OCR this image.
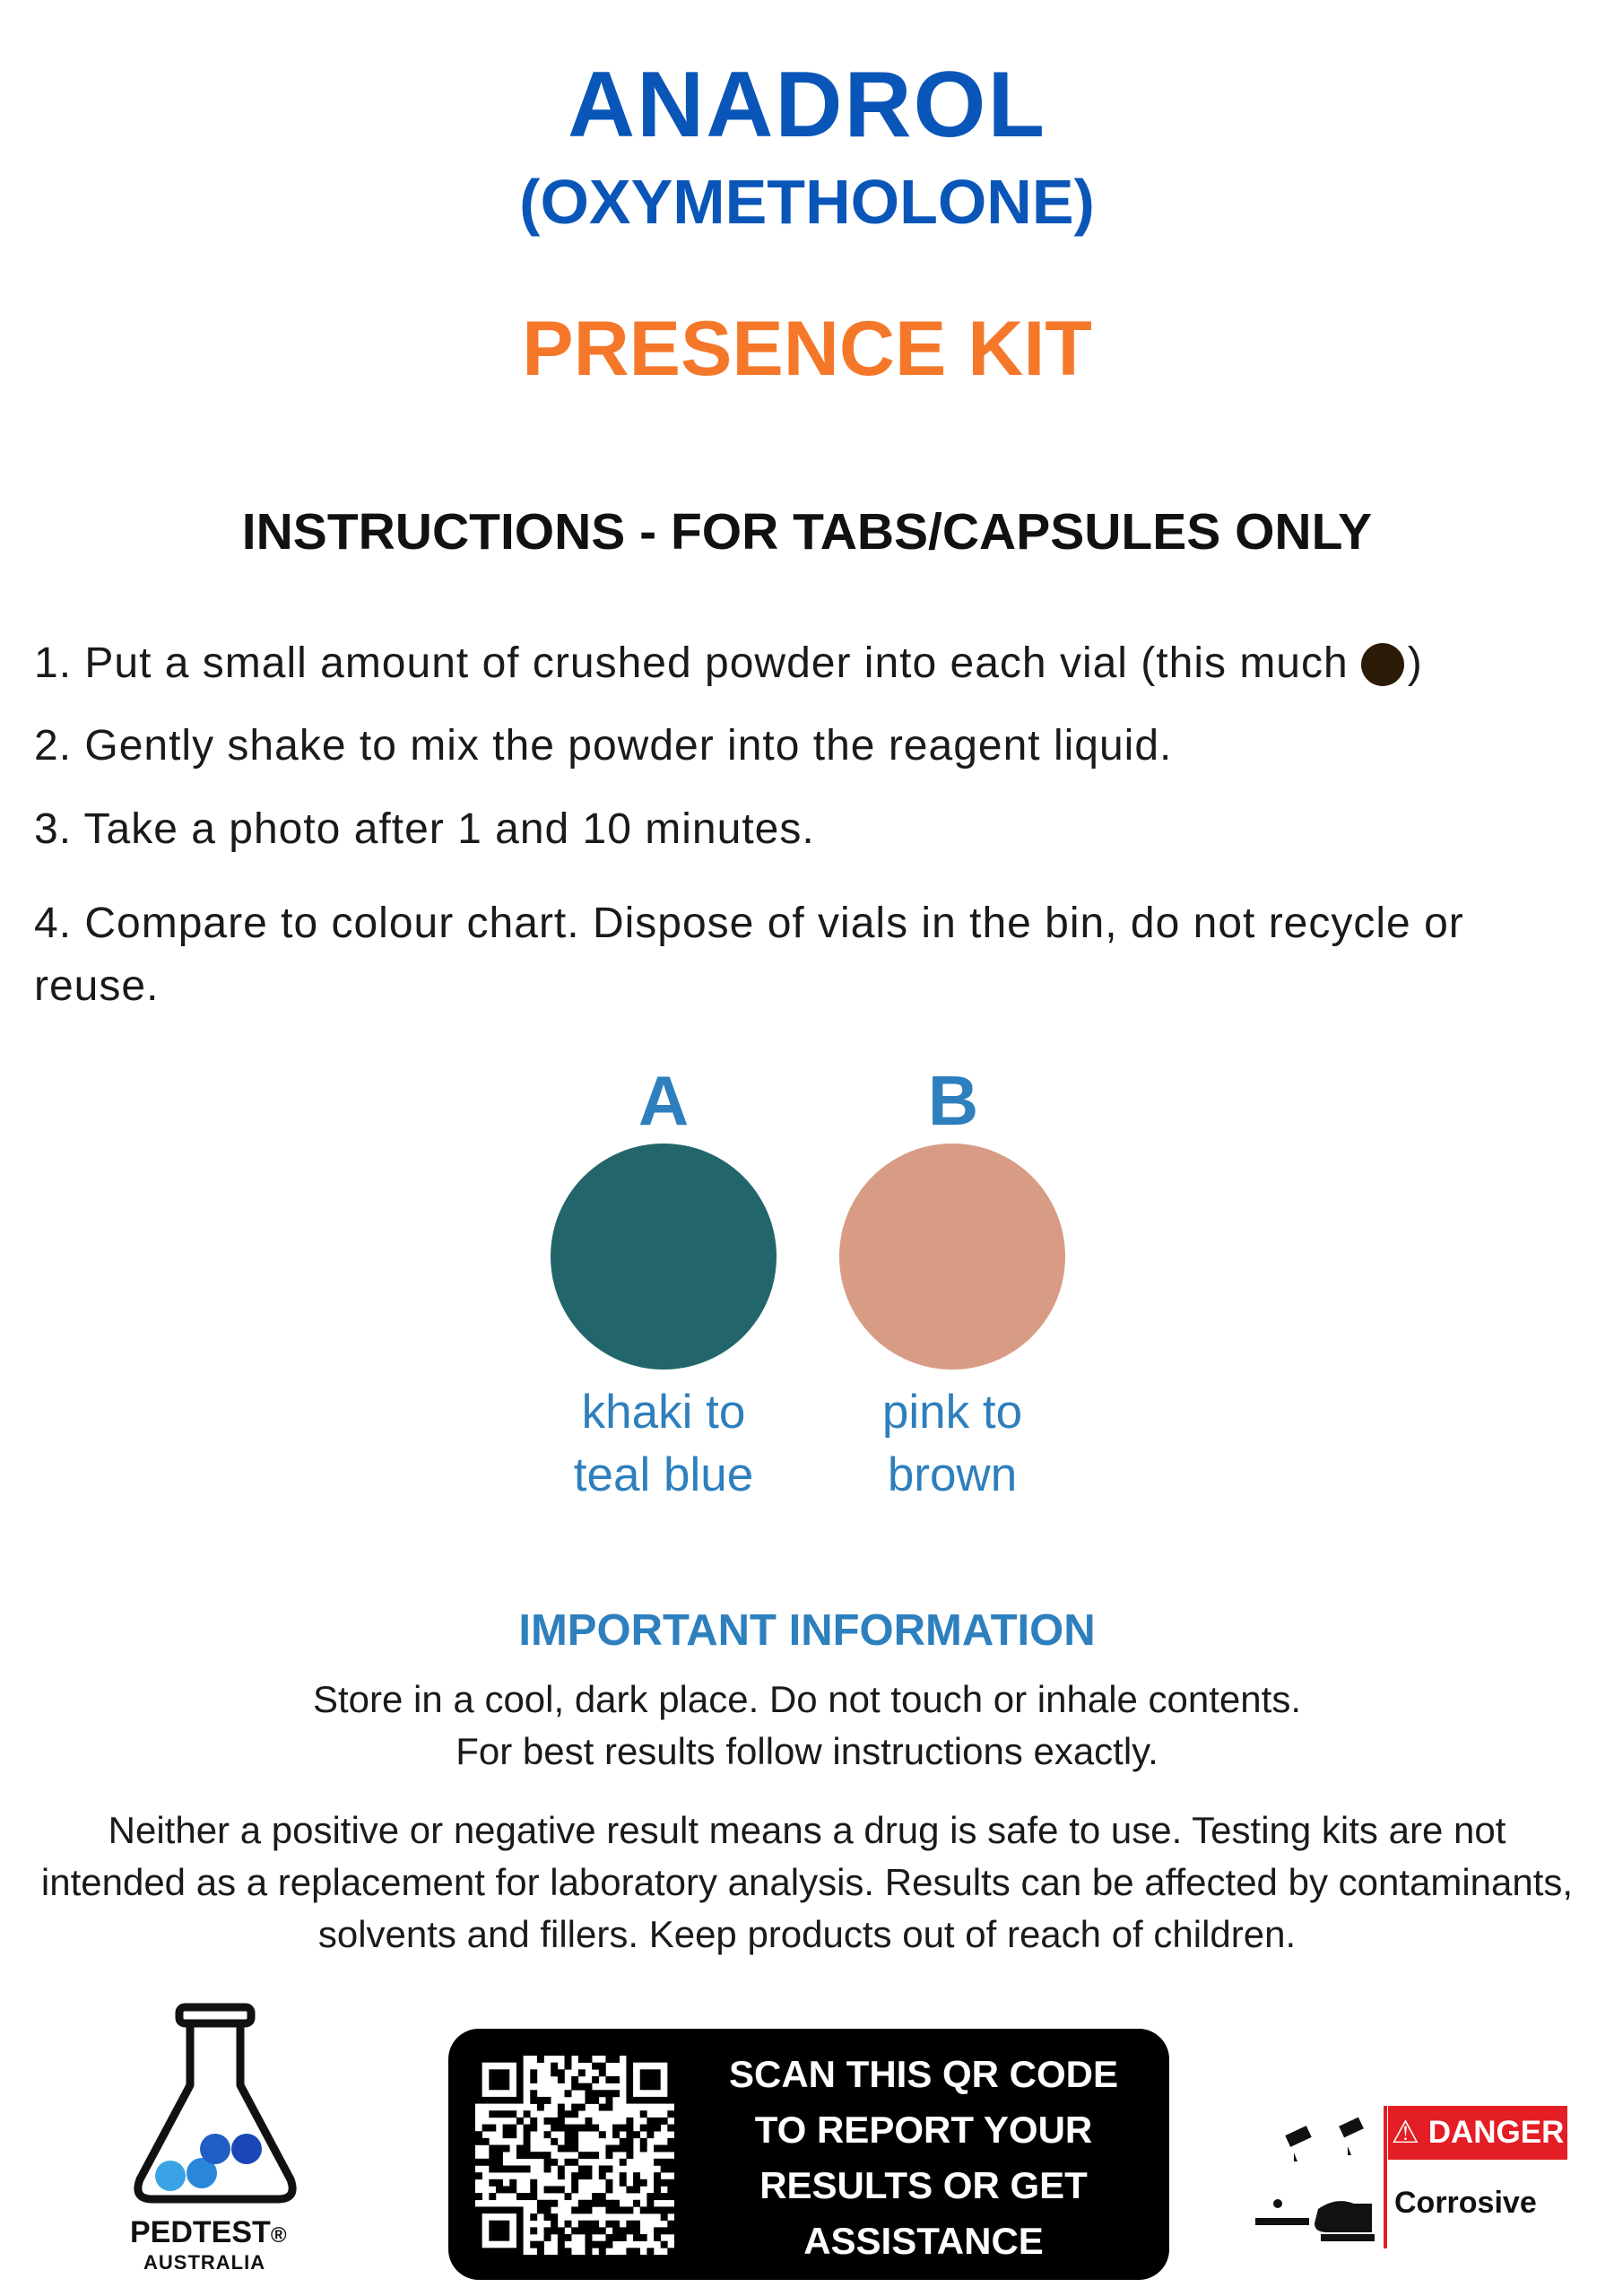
ANADROL
(OXYMETHOLONE)
PRESENCE KIT
INSTRUCTIONS - FOR TABS/CAPSULES ONLY
1. Put a small amount of crushed powder into each vial (this much )
2. Gently shake to mix the powder into the reagent liquid.
3. Take a photo after 1 and 10 minutes.
4. Compare to colour chart. Dispose of vials in the bin, do not recycle or reuse.
A
khaki to
teal blue
B
pink to
brown
IMPORTANT INFORMATION
Store in a cool, dark place. Do not touch or inhale contents.
For best results follow instructions exactly.
Neither a positive or negative result means a drug is safe to use. Testing kits are not intended as a replacement for laboratory analysis. Results can be affected by contaminants, solvents and fillers. Keep products out of reach of children.
PEDTEST®
AUSTRALIA
SCAN THIS QR CODE
TO REPORT YOUR
RESULTS OR GET
ASSISTANCE
⚠ DANGER
Corrosive
